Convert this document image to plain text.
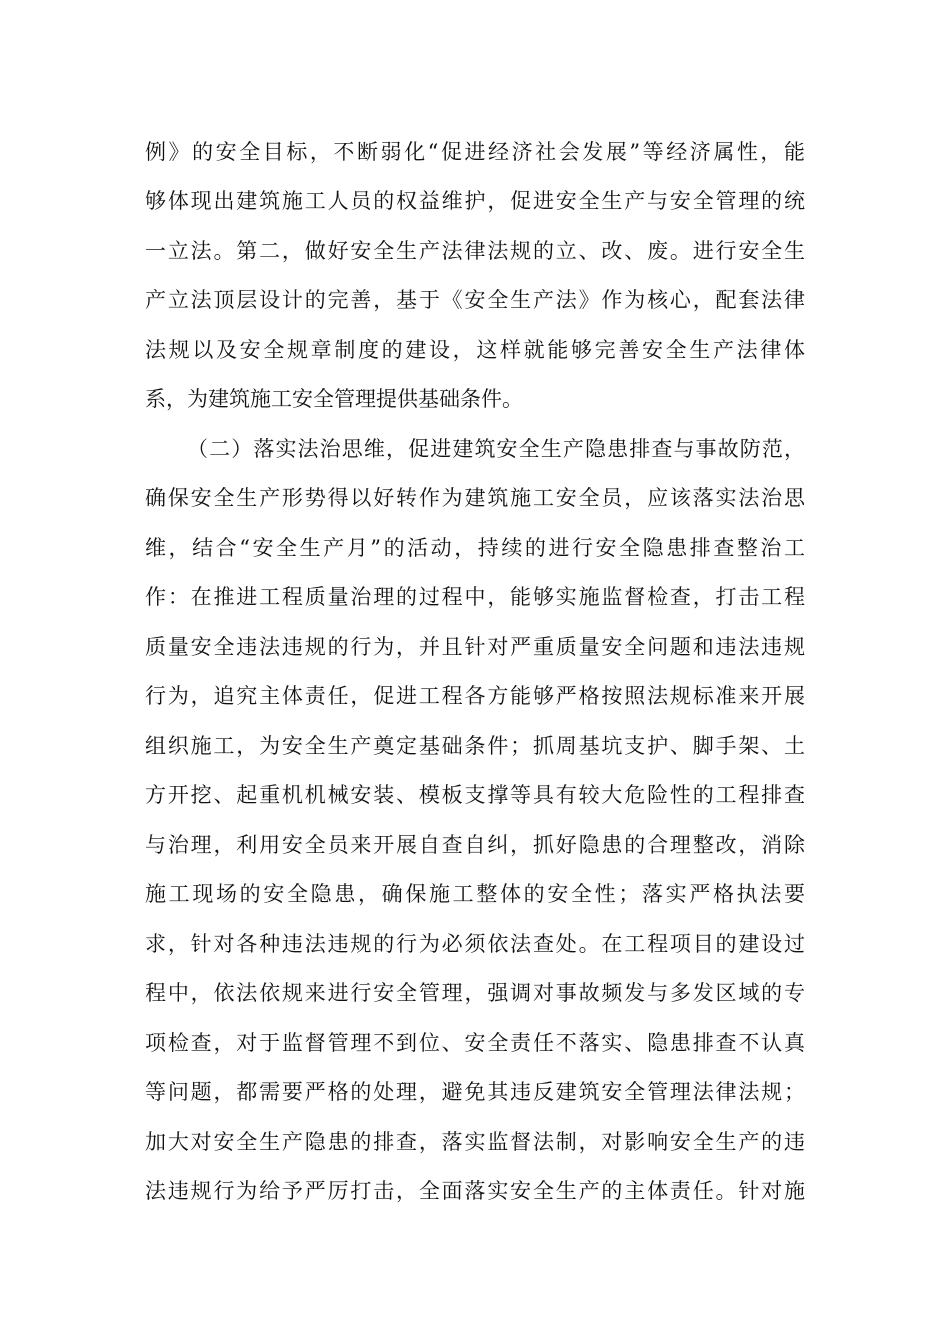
例》的安全目标，不断弱化“促进经济社会发展”等经济属性，能
够体现出建筑施工人员的权益维护，促进安全生产与安全管理的统
一立法。第二，做好安全生产法律法规的立、改、废。进行安全生
产立法顶层设计的完善，基于《安全生产法》作为核心，配套法律
法规以及安全规章制度的建设，这样就能够完善安全生产法律体
系，为建筑施工安全管理提供基础条件。
（二）落实法治思维，促进建筑安全生产隐患排查与事故防范，
确保安全生产形势得以好转作为建筑施工安全员，应该落实法治思
维，结合“安全生产月”的活动，持续的进行安全隐患排查整治工
作：在推进工程质量治理的过程中，能够实施监督检查，打击工程
质量安全违法违规的行为，并且针对严重质量安全问题和违法违规
行为，追究主体责任，促进工程各方能够严格按照法规标准来开展
组织施工，为安全生产奠定基础条件；抓周基坑支护、脚手架、土
方开挖、起重机机械安装、模板支撑等具有较大危险性的工程排查
与治理，利用安全员来开展自查自纠，抓好隐患的合理整改，消除
施工现场的安全隐患，确保施工整体的安全性；落实严格执法要
求，针对各种违法违规的行为必须依法查处。在工程项目的建设过
程中，依法依规来进行安全管理，强调对事故频发与多发区域的专
项检查，对于监督管理不到位、安全责任不落实、隐患排查不认真
等问题，都需要严格的处理，避免其违反建筑安全管理法律法规；
加大对安全生产隐患的排查，落实监督法制，对影响安全生产的违
法违规行为给予严厉打击，全面落实安全生产的主体责任。针对施
